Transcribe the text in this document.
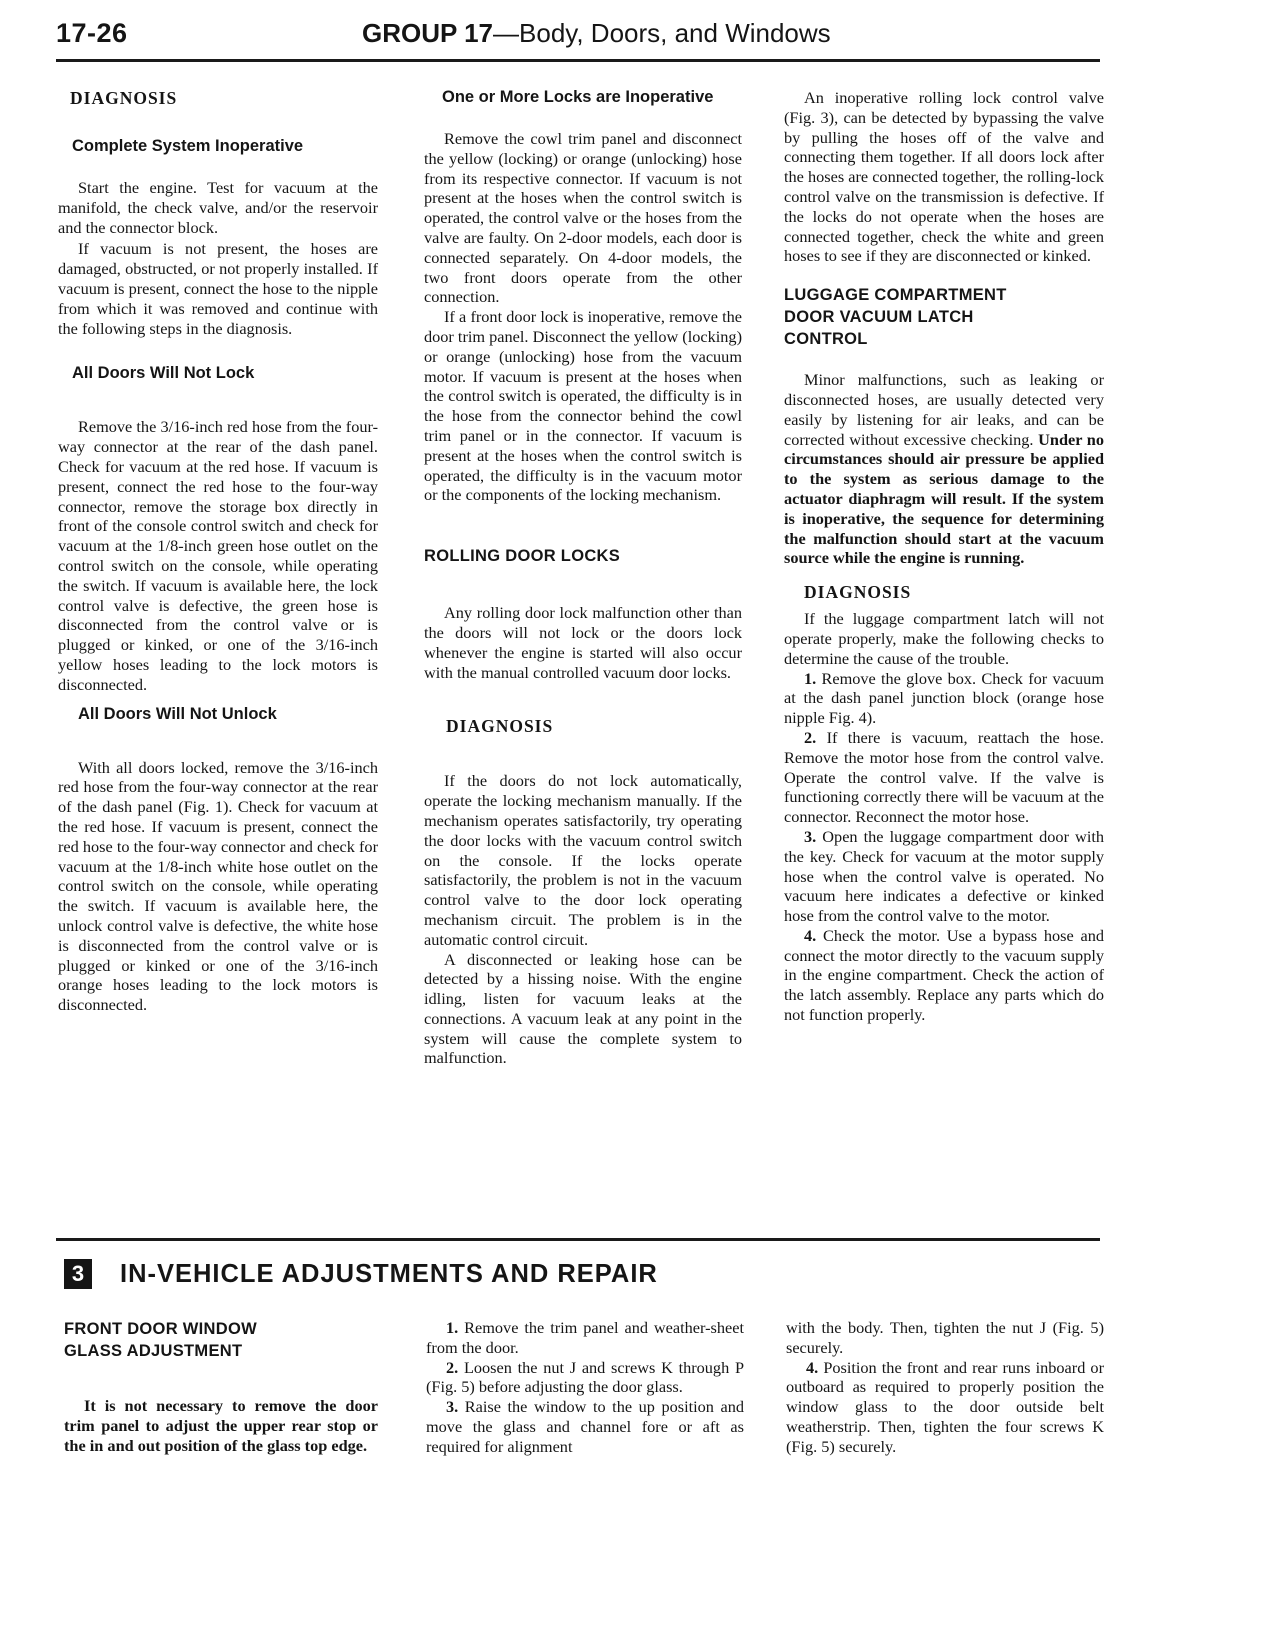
17-26	GROUP 17—Body, Doors, and Windows
DIAGNOSIS
Complete System Inoperative

Start the engine. Test for vacuum at the manifold, the check valve, and/or the reservoir and the connector block.

If vacuum is not present, the hoses are damaged, obstructed, or not properly installed. If vacuum is present, connect the hose to the nipple from which it was removed and continue with the following steps in the diagnosis.

All Doors Will Not Lock

Remove the 3/16-inch red hose from the four-way connector at the rear of the dash panel. Check for vacuum at the red hose. If vacuum is present, connect the red hose to the four-way connector, remove the storage box directly in front of the console control switch and check for vacuum at the 1/8-inch green hose outlet on the control switch on the console, while operating the switch. If vacuum is available here, the lock control valve is defective, the green hose is disconnected from the control valve or is plugged or kinked, or one of the 3/16-inch yellow hoses leading to the lock motors is disconnected.

All Doors Will Not Unlock

With all doors locked, remove the 3/16-inch red hose from the four-way connector at the rear of the dash panel (Fig. 1). Check for vacuum at the red hose. If vacuum is present, connect the red hose to the four-way connector and check for vacuum at the 1/8-inch white hose outlet on the control switch on the console, while operating the switch. If vacuum is available here, the unlock control valve is defective, the white hose is disconnected from the control valve or is plugged or kinked or one of the 3/16-inch orange hoses leading to the lock motors is disconnected.

One or More Locks are Inoperative

Remove the cowl trim panel and disconnect the yellow (locking) or orange (unlocking) hose from its respective connector. If vacuum is not present at the hoses when the control switch is operated, the control valve or the hoses from the valve are faulty. On 2-door models, each door is connected separately. On 4-door models, the two front doors operate from the other connection.

If a front door lock is inoperative, remove the door trim panel. Disconnect the yellow (locking) or orange (unlocking) hose from the vacuum motor. If vacuum is present at the hoses when the control switch is operated, the difficulty is in the hose from the connector behind the cowl trim panel or in the connector. If vacuum is present at the hoses when the control switch is operated, the difficulty is in the vacuum motor or the components of the locking mechanism.

ROLLING DOOR LOCKS

Any rolling door lock malfunction other than the doors will not lock or the doors lock whenever the engine is started will also occur with the manual controlled vacuum door locks.

DIAGNOSIS

If the doors do not lock automatically, operate the locking mechanism manually. If the mechanism operates satisfactorily, try operating the door locks with the vacuum control switch on the console. If the locks operate satisfactorily, the problem is not in the vacuum control valve to the door lock operating mechanism circuit. The problem is in the automatic control circuit.

A disconnected or leaking hose can be detected by a hissing noise. With the engine idling, listen for vacuum leaks at the connections. A vacuum leak at any point in the system will cause the complete system to malfunction.

An inoperative rolling lock control valve (Fig. 3), can be detected by bypassing the valve by pulling the hoses off of the valve and connecting them together. If all doors lock after the hoses are connected together, the rolling-lock control valve on the transmission is defective. If the locks do not operate when the hoses are connected together, check the white and green hoses to see if they are disconnected or kinked.

LUGGAGE COMPARTMENT
DOOR VACUUM LATCH
CONTROL

Minor malfunctions, such as leaking or disconnected hoses, are usually detected very easily by listening for air leaks, and can be corrected without excessive checking. Under no circumstances should air pressure be applied to the system as serious damage to the actuator diaphragm will result. If the system is inoperative, the sequence for determining the malfunction should start at the vacuum source while the engine is running.

DIAGNOSIS

If the luggage compartment latch will not operate properly, make the following checks to determine the cause of the trouble.

1. Remove the glove box. Check for vacuum at the dash panel junction block (orange hose nipple Fig. 4).

2. If there is vacuum, reattach the hose. Remove the motor hose from the control valve. Operate the control valve. If the valve is functioning correctly there will be vacuum at the connector. Reconnect the motor hose.

3. Open the luggage compartment door with the key. Check for vacuum at the motor supply hose when the control valve is operated. No vacuum here indicates a defective or kinked hose from the control valve to the motor.

4. Check the motor. Use a bypass hose and connect the motor directly to the vacuum supply in the engine compartment. Check the action of the latch assembly. Replace any parts which do not function properly.

3	IN-VEHICLE ADJUSTMENTS AND REPAIR
FRONT DOOR WINDOW
GLASS ADJUSTMENT

It is not necessary to remove the door trim panel to adjust the upper rear stop or the in and out position of the glass top edge.

1. Remove the trim panel and weather-sheet from the door.

2. Loosen the nut J and screws K through P (Fig. 5) before adjusting the door glass.

3. Raise the window to the up position and move the glass and channel fore or aft as required for alignment

with the body. Then, tighten the nut J (Fig. 5) securely.

4. Position the front and rear runs inboard or outboard as required to properly position the window glass to the door outside belt weatherstrip. Then, tighten the four screws K (Fig. 5) securely.
